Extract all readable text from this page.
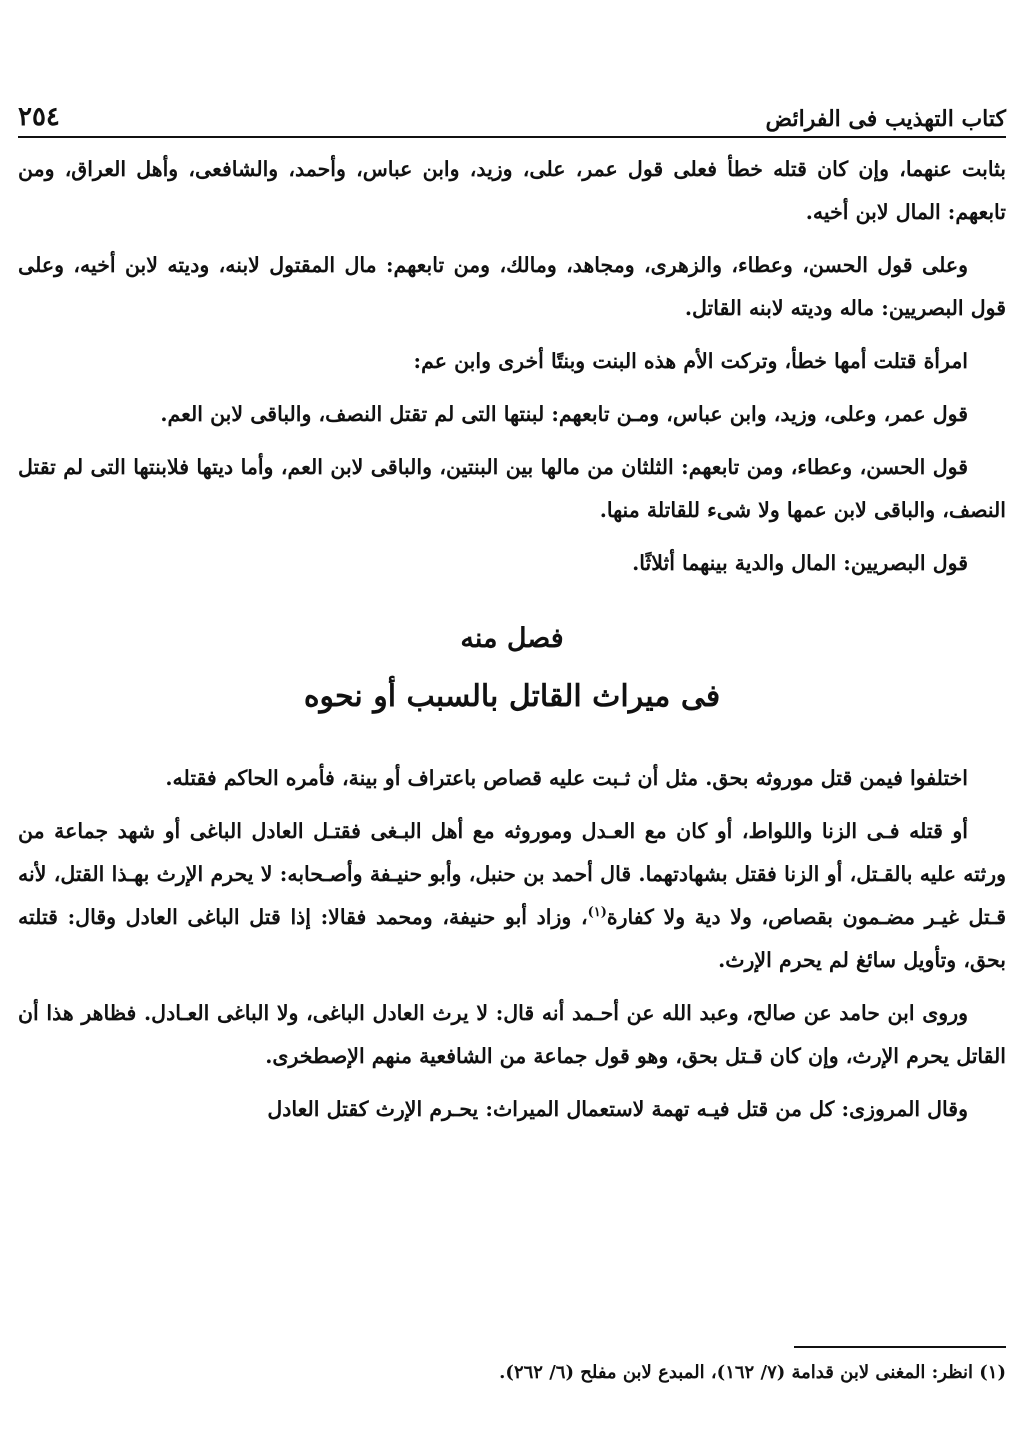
كتاب التهذيب فى الفرائض
٢٥٤

بثابت عنهما، وإن كان قتله خطأ فعلى قول عمر، على، وزيد، وابن عباس، وأحمد، والشافعى، وأهل العراق، ومن تابعهم: المال لابن أخيه.

وعلى قول الحسن، وعطاء، والزهرى، ومجاهد، ومالك، ومن تابعهم: مال المقتول لابنه، وديته لابن أخيه، وعلى قول البصريين: ماله وديته لابنه القاتل.

امرأة قتلت أمها خطأ، وتركت الأم هذه البنت وبنتًا أخرى وابن عم:

قول عمر، وعلى، وزيد، وابن عباس، ومـن تابعهم: لبنتها التى لم تقتل النصف، والباقى لابن العم.

قول الحسن، وعطاء، ومن تابعهم: الثلثان من مالها بين البنتين، والباقى لابن العم، وأما ديتها فلابنتها التى لم تقتل النصف، والباقى لابن عمها ولا شىء للقاتلة منها.

قول البصريين: المال والدية بينهما أثلاثًا.

فصل منه
فى ميراث القاتل بالسبب أو نحوه

اختلفوا فيمن قتل موروثه بحق. مثل أن ثـبت عليه قصاص باعتراف أو بينة، فأمره الحاكم فقتله.

أو قتله فـى الزنا واللواط، أو كان مع العـدل وموروثه مع أهل البـغى فقتـل العادل الباغى أو شهد جماعة من ورثته عليه بالقـتل، أو الزنا فقتل بشهادتهما. قال أحمد بن حنبل، وأبو حنيـفة وأصـحابه: لا يحرم الإرث بهـذا القتل، لأنه قـتل غيـر مضـمون بقصاص، ولا دية ولا كفارة$^{(١)}$، وزاد أبو حنيفة، ومحمد فقالا: إذا قتل الباغى العادل وقال: قتلته بحق، وتأويل سائغ لم يحرم الإرث.

وروى ابن حامد عن صالح، وعبد الله عن أحـمد أنه قال: لا يرث العادل الباغى، ولا الباغى العـادل. فظاهر هذا أن القاتل يحرم الإرث، وإن كان قـتل بحق، وهو قول جماعة من الشافعية منهم الإصطخرى.

وقال المروزى: كل من قتل فيـه تهمة لاستعمال الميراث: يحـرم الإرث كقتل العادل

(١) انظر: المغنى لابن قدامة (٧/ ١٦٢)، المبدع لابن مفلح (٦/ ٢٦٢).
